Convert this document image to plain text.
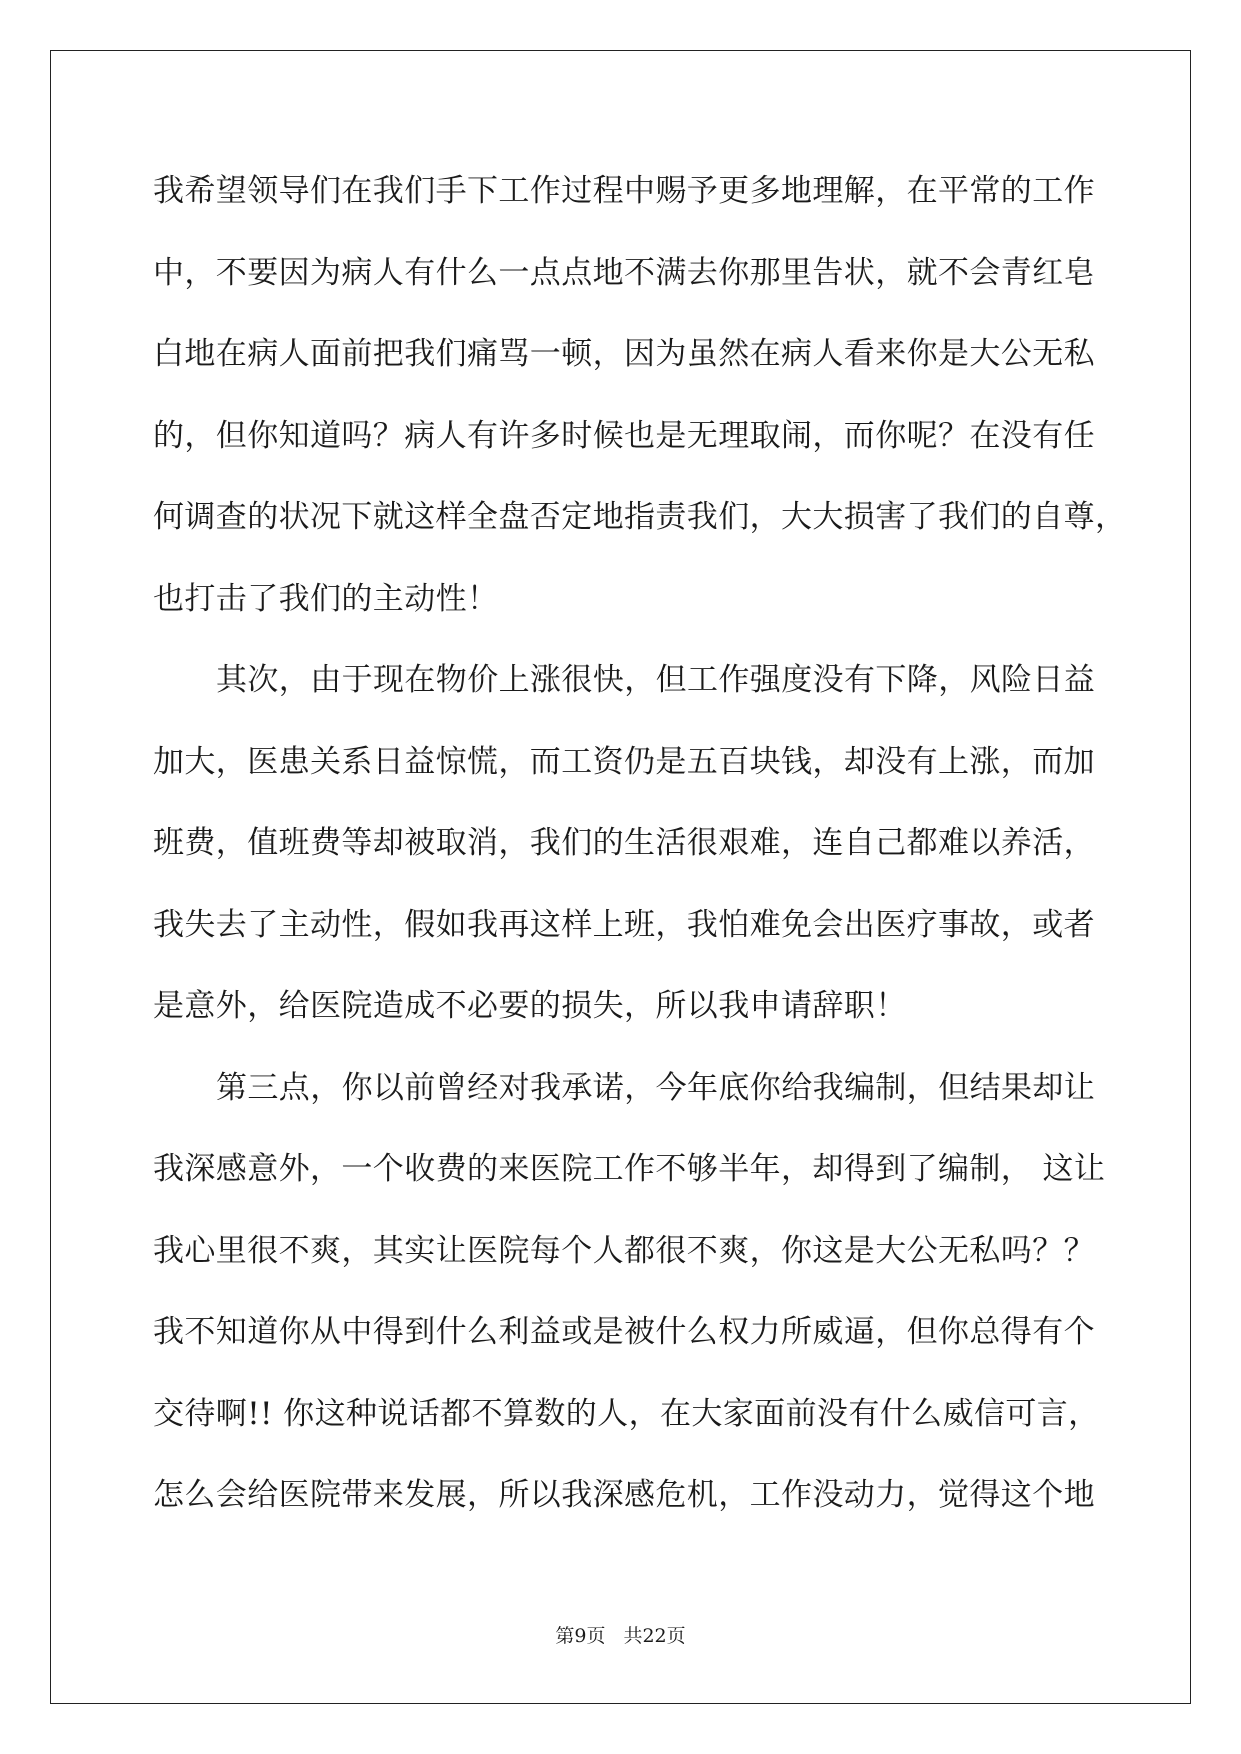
我希望领导们在我们手下工作过程中赐予更多地理解，在平常的工作
中，不要因为病人有什么一点点地不满去你那里告状，就不会青红皂
白地在病人面前把我们痛骂一顿，因为虽然在病人看来你是大公无私
的，但你知道吗？病人有许多时候也是无理取闹，而你呢？在没有任
何调查的状况下就这样全盘否定地指责我们，大大损害了我们的自尊，
也打击了我们的主动性！
其次，由于现在物价上涨很快，但工作强度没有下降，风险日益
加大，医患关系日益惊慌，而工资仍是五百块钱，却没有上涨，而加
班费，值班费等却被取消，我们的生活很艰难，连自己都难以养活，
我失去了主动性，假如我再这样上班，我怕难免会出医疗事故，或者
是意外，给医院造成不必要的损失，所以我申请辞职！
第三点，你以前曾经对我承诺，今年底你给我编制，但结果却让
我深感意外，一个收费的来医院工作不够半年，却得到了编制， 这让
我心里很不爽，其实让医院每个人都很不爽，你这是大公无私吗？？
我不知道你从中得到什么利益或是被什么权力所威逼，但你总得有个
交待啊!! 你这种说话都不算数的人，在大家面前没有什么威信可言，
怎么会给医院带来发展，所以我深感危机，工作没动力，觉得这个地
第9页 共22页
